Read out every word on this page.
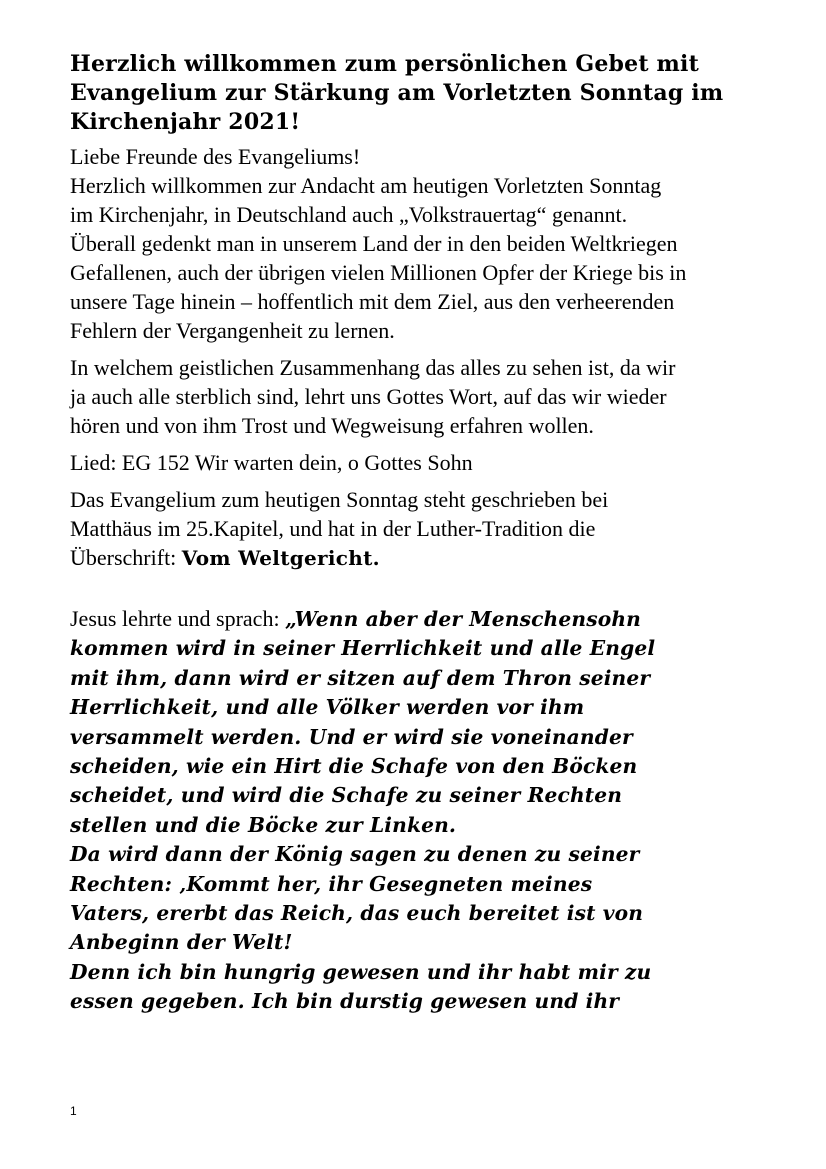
Herzlich willkommen zum persönlichen Gebet mit
Evangelium zur Stärkung am Vorletzten Sonntag im
Kirchenjahr 2021!
Liebe Freunde des Evangeliums!
Herzlich willkommen zur Andacht am heutigen Vorletzten Sonntag
im Kirchenjahr, in Deutschland auch „Volkstrauertag“ genannt.
Überall gedenkt man in unserem Land der in den beiden Weltkriegen
Gefallenen, auch der übrigen vielen Millionen Opfer der Kriege bis in
unsere Tage hinein – hoffentlich mit dem Ziel, aus den verheerenden
Fehlern der Vergangenheit zu lernen.
In welchem geistlichen Zusammenhang das alles zu sehen ist, da wir
ja auch alle sterblich sind, lehrt uns Gottes Wort, auf das wir wieder
hören und von ihm Trost und Wegweisung erfahren wollen.
Lied: EG 152 Wir warten dein, o Gottes Sohn
Das Evangelium zum heutigen Sonntag steht geschrieben bei
Matthäus im 25.Kapitel, und hat in der Luther-Tradition die
Überschrift: Vom Weltgericht.
Jesus lehrte und sprach: „Wenn aber der Menschensohn
kommen wird in seiner Herrlichkeit und alle Engel
mit ihm, dann wird er sitzen auf dem Thron seiner
Herrlichkeit, und alle Völker werden vor ihm
versammelt werden. Und er wird sie voneinander
scheiden, wie ein Hirt die Schafe von den Böcken
scheidet, und wird die Schafe zu seiner Rechten
stellen und die Böcke zur Linken.
Da wird dann der König sagen zu denen zu seiner
Rechten: ‚Kommt her, ihr Gesegneten meines
Vaters, ererbt das Reich, das euch bereitet ist von
Anbeginn der Welt!
Denn ich bin hungrig gewesen und ihr habt mir zu
essen gegeben. Ich bin durstig gewesen und ihr
1
